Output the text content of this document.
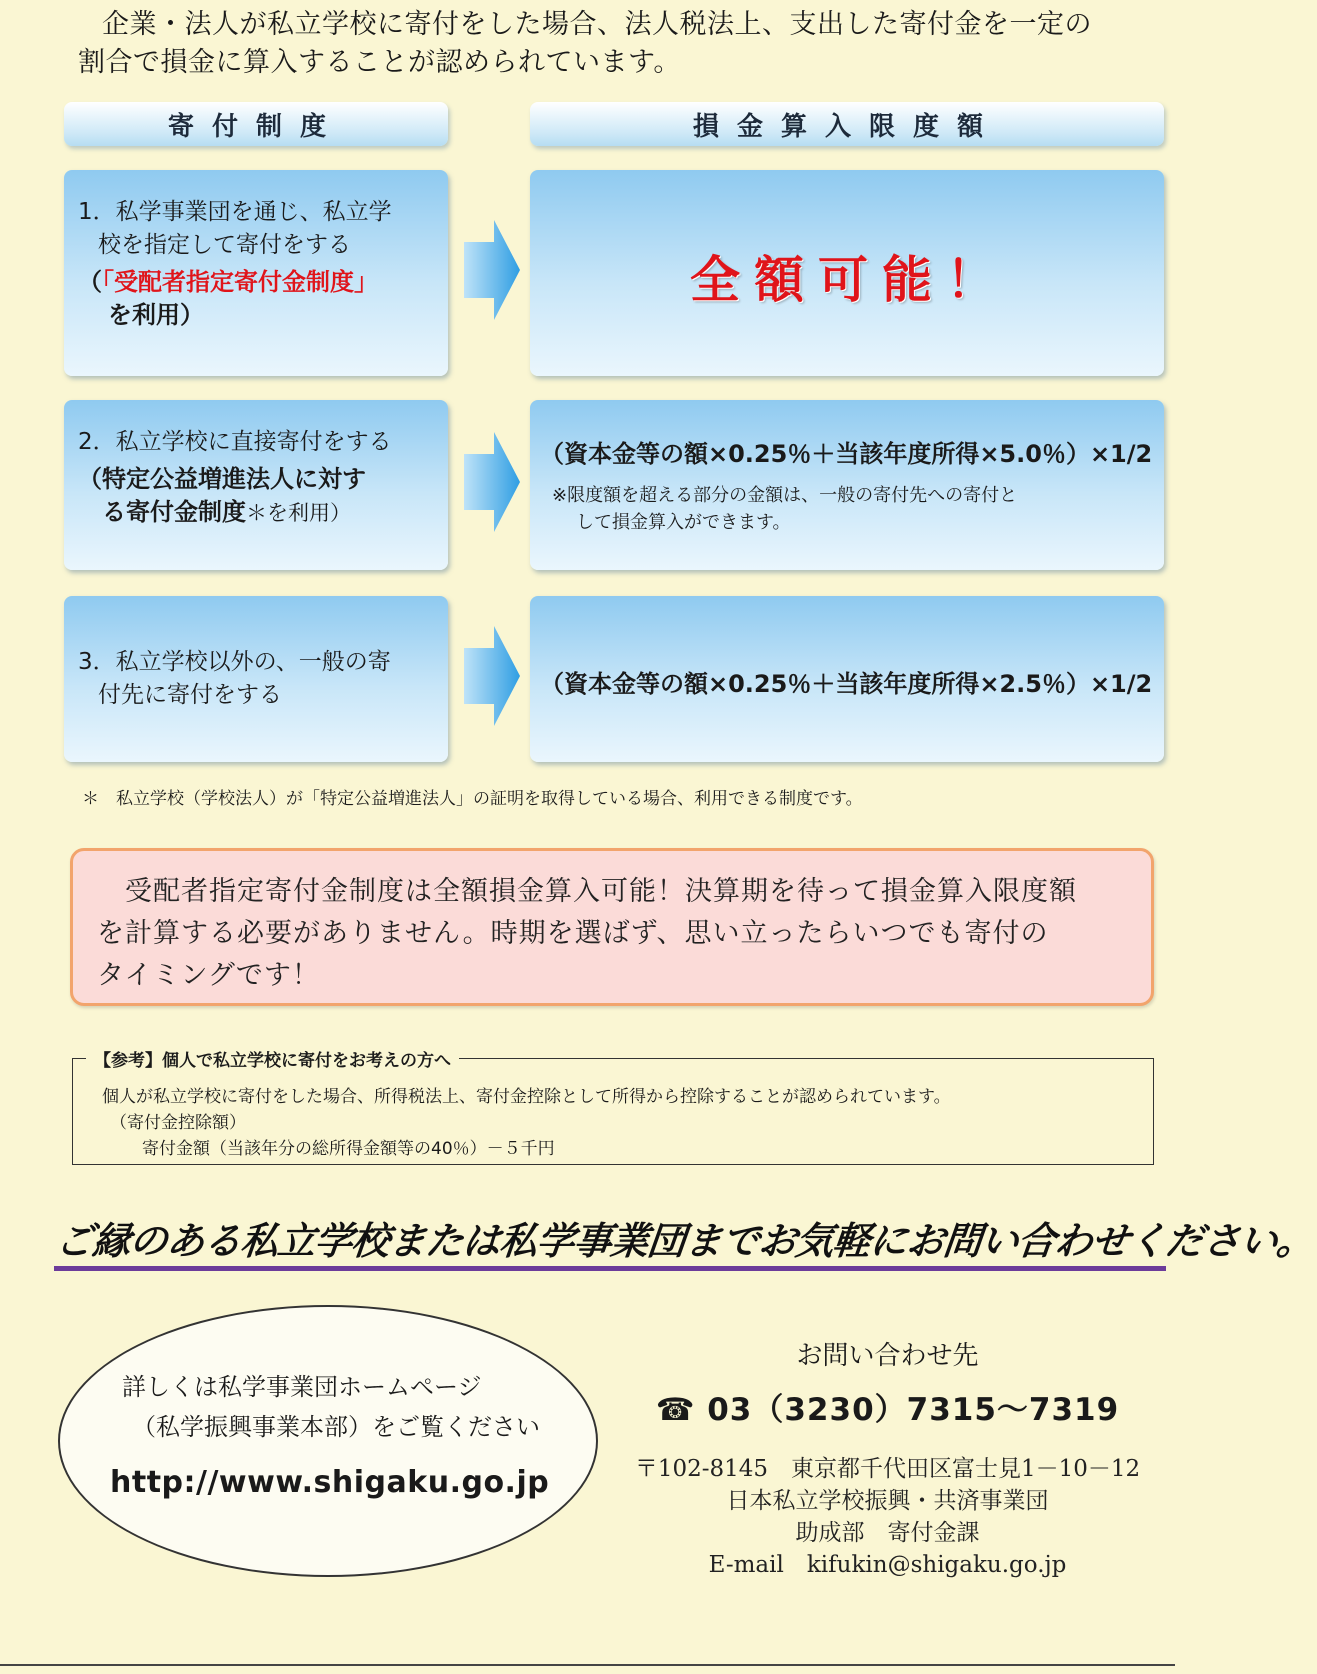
企業・法人が私立学校に寄付をした場合、法人税法上、支出した寄付金を一定の
割合で損金に算入することが認められています。
寄付制度	損金算入限度額
1．私学事業団を通じ、私立学
校を指定して寄付をする
（「受配者指定寄付金制度」
を利用）
全額可能！
2．私立学校に直接寄付をする
（特定公益増進法人に対す
る寄付金制度＊を利用）
（資本金等の額×0.25％＋当該年度所得×5.0％）×1/2
※限度額を超える部分の金額は、一般の寄付先への寄付と
して損金算入ができます。
3．私立学校以外の、一般の寄
付先に寄付をする	（資本金等の額×0.25％＋当該年度所得×2.5％）×1/2
＊　私立学校（学校法人）が「特定公益増進法人」の証明を取得している場合、利用できる制度です。
受配者指定寄付金制度は全額損金算入可能！決算期を待って損金算入限度額
を計算する必要がありません。時期を選ばず、思い立ったらいつでも寄付の
タイミングです！
【参考】個人で私立学校に寄付をお考えの方へ
個人が私立学校に寄付をした場合、所得税法上、寄付金控除として所得から控除することが認められています。
（寄付金控除額）
寄付金額（当該年分の総所得金額等の40％）－５千円
ご縁のある私立学校または私学事業団までお気軽にお問い合わせください。
詳しくは私学事業団ホームページ
（私学振興事業本部）をご覧ください
http://www.shigaku.go.jp
お問い合わせ先
☎ 03（3230）7315〜7319
〒102-8145　東京都千代田区富士見1－10－12
日本私立学校振興・共済事業団
助成部　寄付金課
E-mail　kifukin@shigaku.go.jp
